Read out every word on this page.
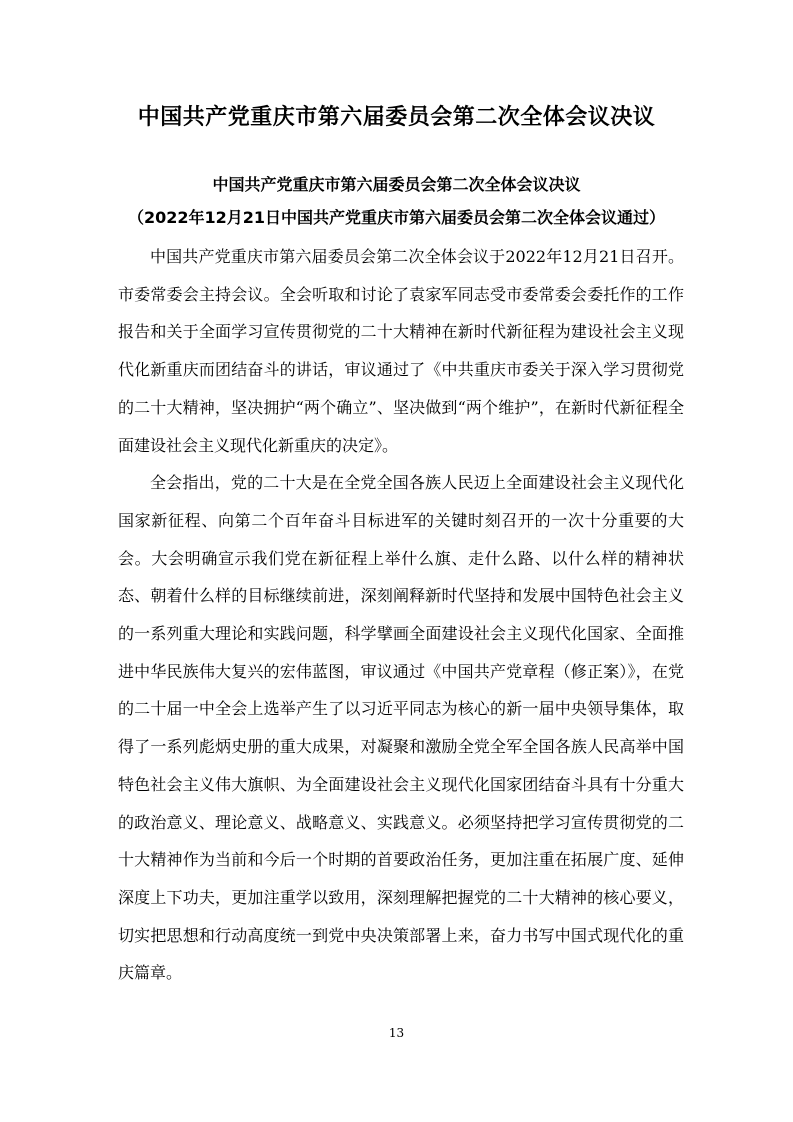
中国共产党重庆市第六届委员会第二次全体会议决议
中国共产党重庆市第六届委员会第二次全体会议决议
（2022年12月21日中国共产党重庆市第六届委员会第二次全体会议通过）

中国共产党重庆市第六届委员会第二次全体会议于2022年12月21日召开。市委常委会主持会议。全会听取和讨论了袁家军同志受市委常委会委托作的工作报告和关于全面学习宣传贯彻党的二十大精神在新时代新征程为建设社会主义现代化新重庆而团结奋斗的讲话，审议通过了《中共重庆市委关于深入学习贯彻党的二十大精神，坚决拥护“两个确立”、坚决做到“两个维护”，在新时代新征程全面建设社会主义现代化新重庆的决定》。

全会指出，党的二十大是在全党全国各族人民迈上全面建设社会主义现代化国家新征程、向第二个百年奋斗目标进军的关键时刻召开的一次十分重要的大会。大会明确宣示我们党在新征程上举什么旗、走什么路、以什么样的精神状态、朝着什么样的目标继续前进，深刻阐释新时代坚持和发展中国特色社会主义的一系列重大理论和实践问题，科学擘画全面建设社会主义现代化国家、全面推进中华民族伟大复兴的宏伟蓝图，审议通过《中国共产党章程（修正案）》，在党的二十届一中全会上选举产生了以习近平同志为核心的新一届中央领导集体，取得了一系列彪炳史册的重大成果，对凝聚和激励全党全军全国各族人民高举中国特色社会主义伟大旗帜、为全面建设社会主义现代化国家团结奋斗具有十分重大的政治意义、理论意义、战略意义、实践意义。必须坚持把学习宣传贯彻党的二十大精神作为当前和今后一个时期的首要政治任务，更加注重在拓展广度、延伸深度上下功夫，更加注重学以致用，深刻理解把握党的二十大精神的核心要义，切实把思想和行动高度统一到党中央决策部署上来，奋力书写中国式现代化的重庆篇章。

13
